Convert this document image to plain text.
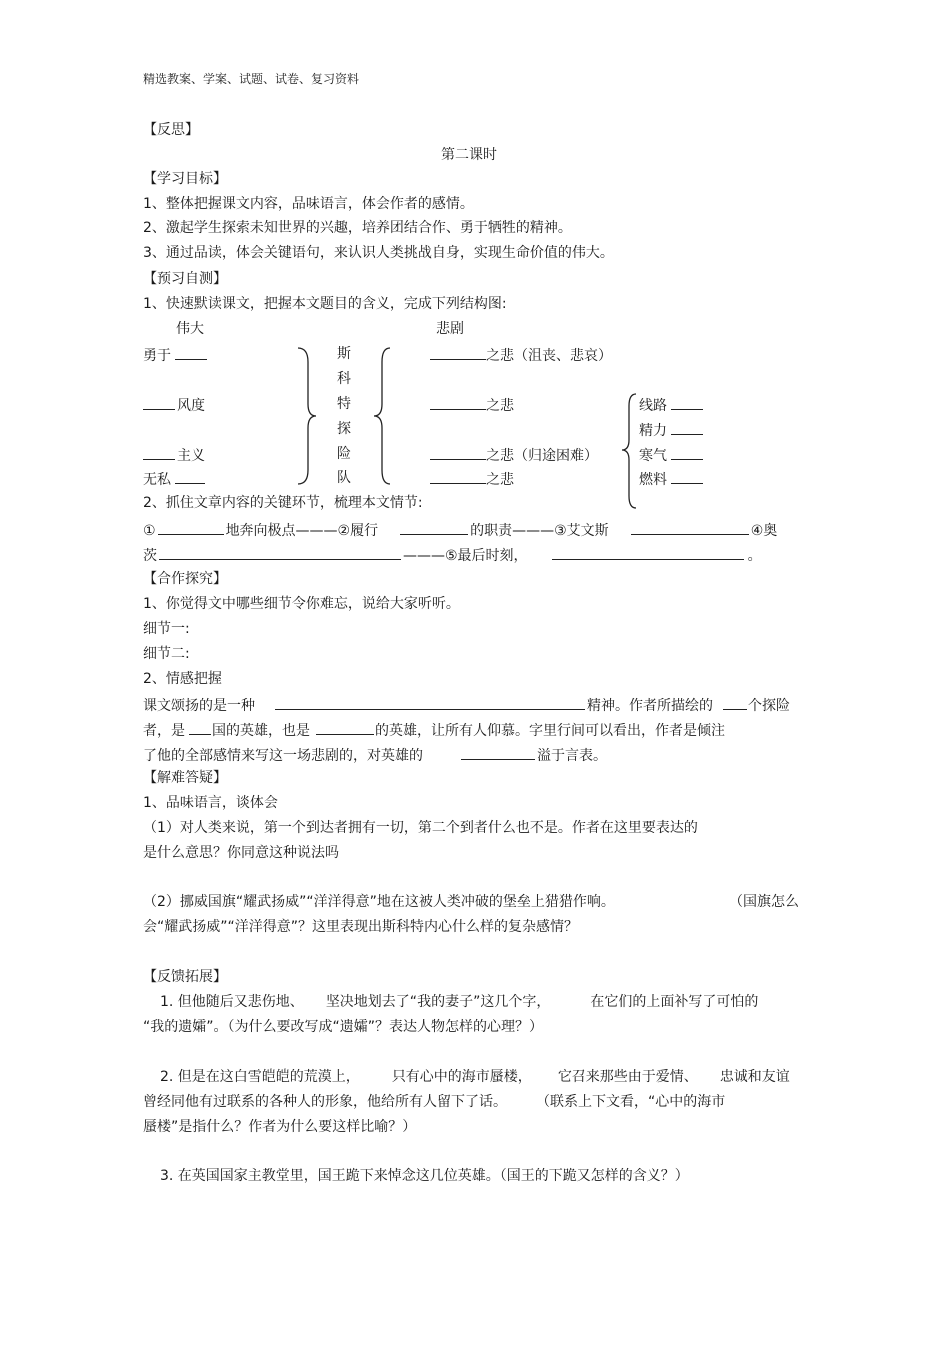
精选教案、学案、试题、试卷、复习资料
【反思】
第二课时
【学习目标】
1、整体把握课文内容，品味语言，体会作者的感情。
2、激起学生探索未知世界的兴趣，培养团结合作、勇于牺牲的精神。
3、通过品读，体会关键语句，来认识人类挑战自身，实现生命价值的伟大。
【预习自测】
1、快速默读课文，把握本文题目的含义，完成下列结构图:
伟大	悲剧
勇于
风度
主义
无私
斯
科
特
探
险
队
之悲（沮丧、悲哀）
之悲
之悲（归途困难）
之悲
线路
精力
寒气
燃料
2、抓住文章内容的关键环节，梳理本文情节:
①	地奔向极点———②履行	的职责———③艾文斯	④奥
茨	———⑤最后时刻，	。
【合作探究】
1、你觉得文中哪些细节令你难忘，说给大家听听。
细节一:
细节二:
2、情感把握
课文颂扬的是一种	精神。作者所描绘的	个探险
者，是 国的英雄，也是	的英雄，让所有人仰慕。字里行间可以看出，作者是倾注
了他的全部感情来写这一场悲剧的，对英雄的	溢于言表。
【解难答疑】
1、品味语言，谈体会
（1）对人类来说，第一个到达者拥有一切，第二个到者什么也不是。作者在这里要表达的
是什么意思？你同意这种说法吗
（2）挪威国旗“耀武扬威”“洋洋得意”地在这被人类冲破的堡垒上猎猎作响。	（国旗怎么
会“耀武扬威”“洋洋得意”？这里表现出斯科特内心什么样的复杂感情？
【反馈拓展】
1. 但他随后又悲伤地、 坚决地划去了“我的妻子”这几个字，	在它们的上面补写了可怕的
“我的遗孀”。（为什么要改写成“遗孀”？表达人物怎样的心理？）
2. 但是在这白雪皑皑的荒漠上， 只有心中的海市蜃楼， 它召来那些由于爱情、 忠诚和友谊
曾经同他有过联系的各种人的形象，他给所有人留下了话。	（联系上下文看，“心中的海市
蜃楼”是指什么？作者为什么要这样比喻？）
3. 在英国国家主教堂里，国王跪下来悼念这几位英雄。（国王的下跪又怎样的含义？）
